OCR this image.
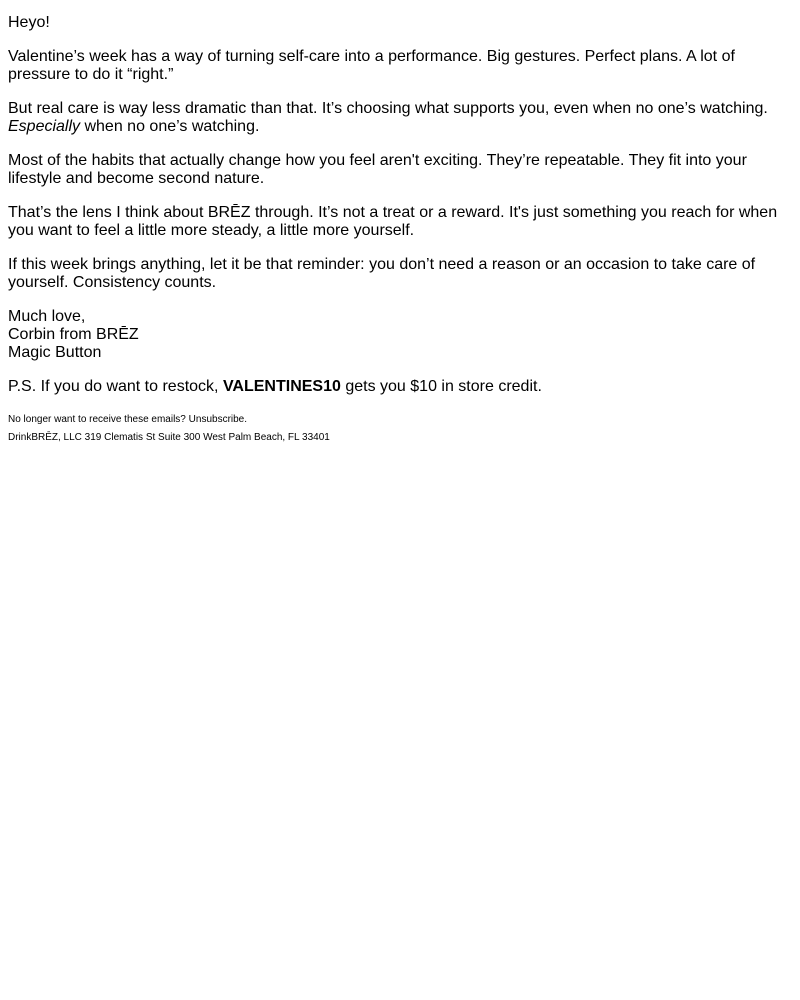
Heyo!

Valentine’s week has a way of turning self-care into a performance. Big gestures. Perfect plans. A lot of pressure to do it “right.”

But real care is way less dramatic than that. It’s choosing what supports you, even when no one’s watching.
Especially when no one’s watching.

Most of the habits that actually change how you feel aren't exciting. They’re repeatable. They fit into your lifestyle and become second nature.

That’s the lens I think about BRĒZ through. It’s not a treat or a reward. It's just something you reach for when you want to feel a little more steady, a little more yourself.

If this week brings anything, let it be that reminder: you don’t need a reason or an occasion to take care of yourself. Consistency counts.

Much love,
Corbin from BRĒZ
Magic Button

P.S. If you do want to restock, VALENTINES10 gets you $10 in store credit.

No longer want to receive these emails? Unsubscribe.

DrinkBRĒZ, LLC 319 Clematis St Suite 300 West Palm Beach, FL 33401
